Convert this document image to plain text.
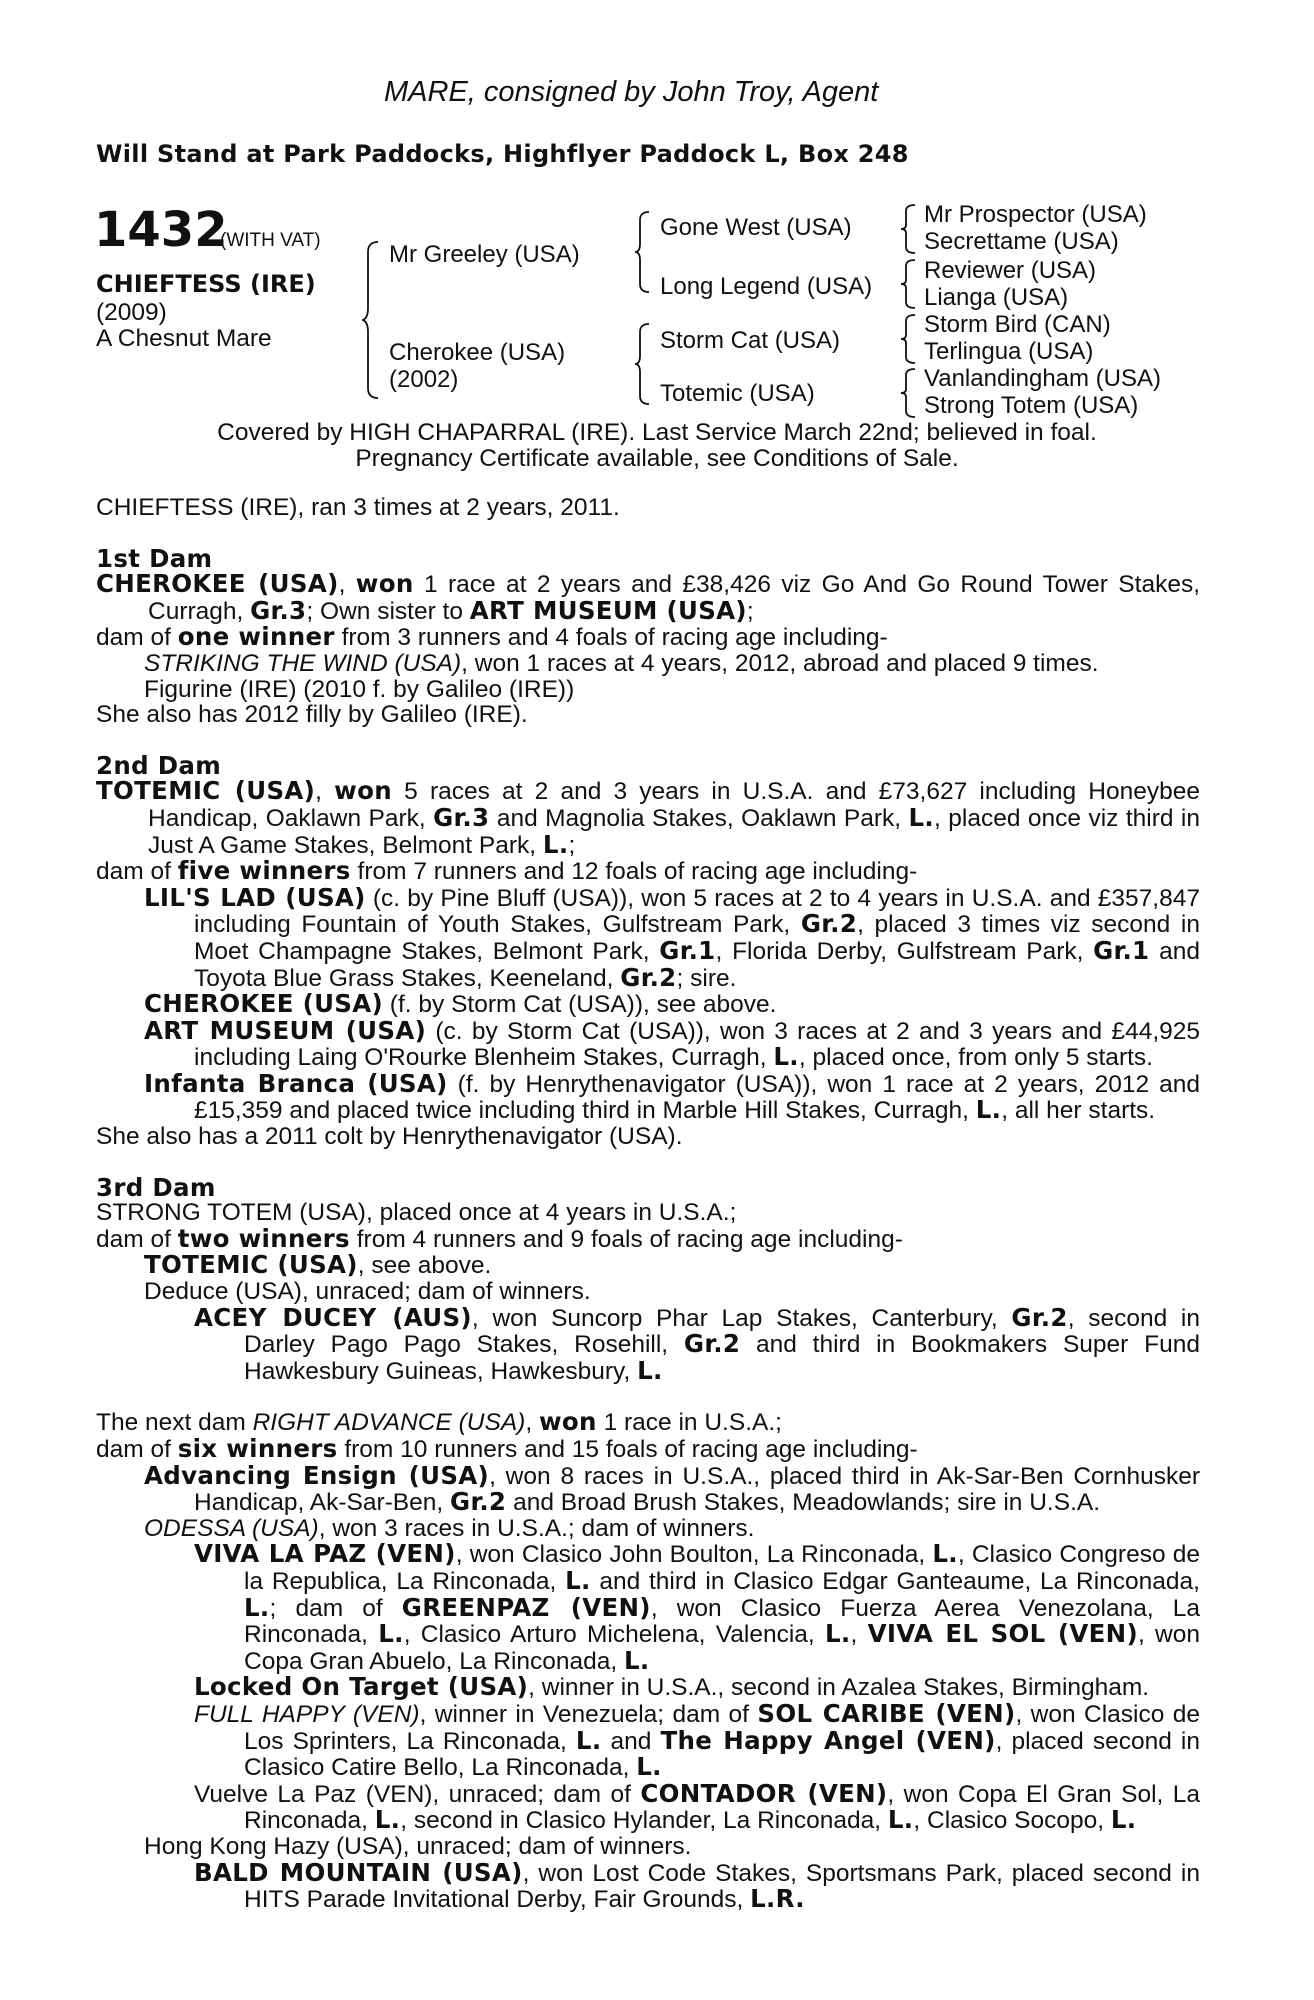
MARE, consigned by John Troy, Agent
Will Stand at Park Paddocks, Highflyer Paddock L, Box 248
1432
(WITH VAT)
CHIEFTESS (IRE)
(2009)
A Chesnut Mare
Mr Greeley (USA)
Cherokee (USA)
(2002)
Gone West (USA)
Long Legend (USA)
Storm Cat (USA)
Totemic (USA)
Mr Prospector (USA)
Secrettame (USA)
Reviewer (USA)
Lianga (USA)
Storm Bird (CAN)
Terlingua (USA)
Vanlandingham (USA)
Strong Totem (USA)
Covered by HIGH CHAPARRAL (IRE). Last Service March 22nd; believed in foal.
Pregnancy Certificate available, see Conditions of Sale.

CHIEFTESS (IRE), ran 3 times at 2 years, 2011.

1st Dam

CHEROKEE (USA), won 1 race at 2 years and £38,426 viz Go And Go Round Tower Stakes, Curragh, Gr.3; Own sister to ART MUSEUM (USA);

dam of one winner from 3 runners and 4 foals of racing age including-

STRIKING THE WIND (USA), won 1 races at 4 years, 2012, abroad and placed 9 times.

Figurine (IRE) (2010 f. by Galileo (IRE))

She also has 2012 filly by Galileo (IRE).

2nd Dam

TOTEMIC (USA), won 5 races at 2 and 3 years in U.S.A. and £73,627 including Honeybee Handicap, Oaklawn Park, Gr.3 and Magnolia Stakes, Oaklawn Park, L., placed once viz third in Just A Game Stakes, Belmont Park, L.;

dam of five winners from 7 runners and 12 foals of racing age including-

LIL'S LAD (USA) (c. by Pine Bluff (USA)), won 5 races at 2 to 4 years in U.S.A. and £357,847 including Fountain of Youth Stakes, Gulfstream Park, Gr.2, placed 3 times viz second in Moet Champagne Stakes, Belmont Park, Gr.1, Florida Derby, Gulfstream Park, Gr.1 and Toyota Blue Grass Stakes, Keeneland, Gr.2; sire.

CHEROKEE (USA) (f. by Storm Cat (USA)), see above.

ART MUSEUM (USA) (c. by Storm Cat (USA)), won 3 races at 2 and 3 years and £44,925 including Laing O'Rourke Blenheim Stakes, Curragh, L., placed once, from only 5 starts.

Infanta Branca (USA) (f. by Henrythenavigator (USA)), won 1 race at 2 years, 2012 and £15,359 and placed twice including third in Marble Hill Stakes, Curragh, L., all her starts.

She also has a 2011 colt by Henrythenavigator (USA).

3rd Dam

STRONG TOTEM (USA), placed once at 4 years in U.S.A.;

dam of two winners from 4 runners and 9 foals of racing age including-

TOTEMIC (USA), see above.

Deduce (USA), unraced; dam of winners.

ACEY DUCEY (AUS), won Suncorp Phar Lap Stakes, Canterbury, Gr.2, second in Darley Pago Pago Stakes, Rosehill, Gr.2 and third in Bookmakers Super Fund Hawkesbury Guineas, Hawkesbury, L.

The next dam RIGHT ADVANCE (USA), won 1 race in U.S.A.;

dam of six winners from 10 runners and 15 foals of racing age including-

Advancing Ensign (USA), won 8 races in U.S.A., placed third in Ak-Sar-Ben Cornhusker Handicap, Ak-Sar-Ben, Gr.2 and Broad Brush Stakes, Meadowlands; sire in U.S.A.

ODESSA (USA), won 3 races in U.S.A.; dam of winners.

VIVA LA PAZ (VEN), won Clasico John Boulton, La Rinconada, L., Clasico Congreso de la Republica, La Rinconada, L. and third in Clasico Edgar Ganteaume, La Rinconada, L.; dam of GREENPAZ (VEN), won Clasico Fuerza Aerea Venezolana, La Rinconada, L., Clasico Arturo Michelena, Valencia, L., VIVA EL SOL (VEN), won Copa Gran Abuelo, La Rinconada, L.

Locked On Target (USA), winner in U.S.A., second in Azalea Stakes, Birmingham.

FULL HAPPY (VEN), winner in Venezuela; dam of SOL CARIBE (VEN), won Clasico de Los Sprinters, La Rinconada, L. and The Happy Angel (VEN), placed second in Clasico Catire Bello, La Rinconada, L.

Vuelve La Paz (VEN), unraced; dam of CONTADOR (VEN), won Copa El Gran Sol, La Rinconada, L., second in Clasico Hylander, La Rinconada, L., Clasico Socopo, L.

Hong Kong Hazy (USA), unraced; dam of winners.

BALD MOUNTAIN (USA), won Lost Code Stakes, Sportsmans Park, placed second in HITS Parade Invitational Derby, Fair Grounds, L.R.
